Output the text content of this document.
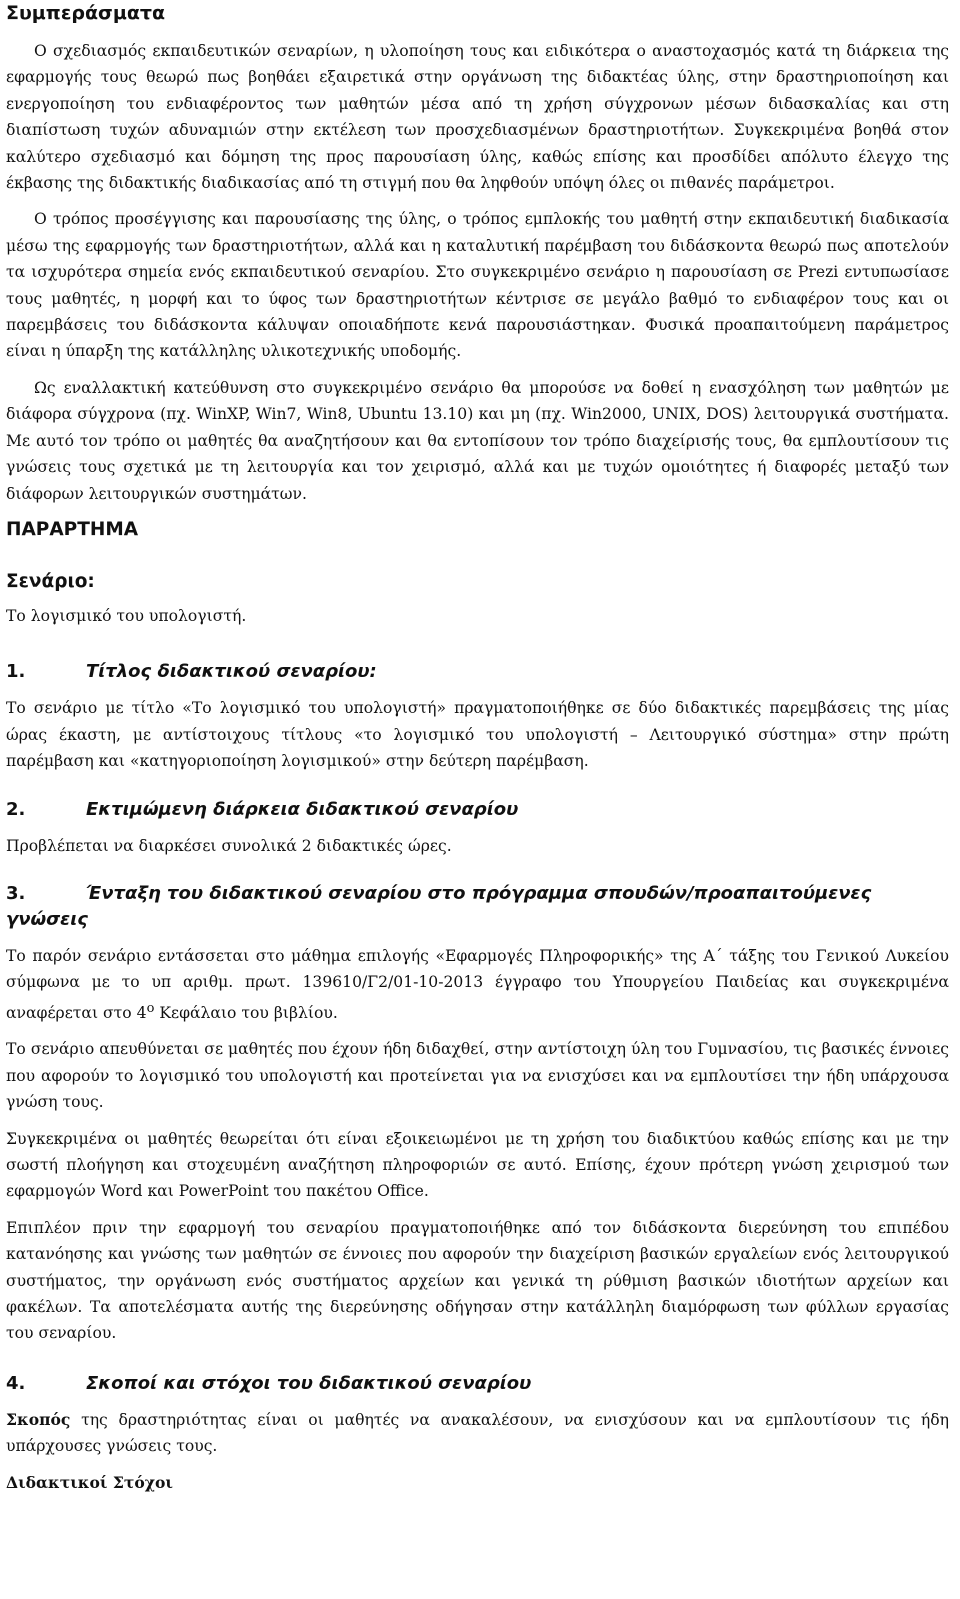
Συμπεράσματα

Ο σχεδιασμός εκπαιδευτικών σεναρίων, η υλοποίηση τους και ειδικότερα ο αναστοχασμός κατά τη διάρκεια της εφαρμογής τους θεωρώ πως βοηθάει εξαιρετικά στην οργάνωση της διδακτέας ύλης, στην δραστηριοποίηση και ενεργοποίηση του ενδιαφέροντος των μαθητών μέσα από τη χρήση σύγχρονων μέσων διδασκαλίας και στη διαπίστωση τυχών αδυναμιών στην εκτέλεση των προσχεδιασμένων δραστηριοτήτων. Συγκεκριμένα βοηθά στον καλύτερο σχεδιασμό και δόμηση της προς παρουσίαση ύλης, καθώς επίσης και προσδίδει απόλυτο έλεγχο της έκβασης της διδακτικής διαδικασίας από τη στιγμή που θα ληφθούν υπόψη όλες οι πιθανές παράμετροι.

Ο τρόπος προσέγγισης και παρουσίασης της ύλης, ο τρόπος εμπλοκής του μαθητή στην εκπαιδευτική διαδικασία μέσω της εφαρμογής των δραστηριοτήτων, αλλά και η καταλυτική παρέμβαση του διδάσκοντα θεωρώ πως αποτελούν τα ισχυρότερα σημεία ενός εκπαιδευτικού σεναρίου. Στο συγκεκριμένο σενάριο η παρουσίαση σε Prezi εντυπωσίασε τους μαθητές, η μορφή και το ύφος των δραστηριοτήτων κέντρισε σε μεγάλο βαθμό το ενδιαφέρον τους και οι παρεμβάσεις του διδάσκοντα κάλυψαν οποιαδήποτε κενά παρουσιάστηκαν. Φυσικά προαπαιτούμενη παράμετρος είναι η ύπαρξη της κατάλληλης υλικοτεχνικής υποδομής.

Ως εναλλακτική κατεύθυνση στο συγκεκριμένο σενάριο θα μπορούσε να δοθεί η ενασχόληση των μαθητών με διάφορα σύγχρονα (πχ. WinXP, Win7, Win8, Ubuntu 13.10) και μη (πχ. Win2000, UNIX, DOS) λειτουργικά συστήματα. Με αυτό τον τρόπο οι μαθητές θα αναζητήσουν και θα εντοπίσουν τον τρόπο διαχείρισής τους, θα εμπλουτίσουν τις γνώσεις τους σχετικά με τη λειτουργία και τον χειρισμό, αλλά και με τυχών ομοιότητες ή διαφορές μεταξύ των διάφορων λειτουργικών συστημάτων.

ΠΑΡΑΡΤΗΜΑ
Σενάριο:

Το λογισμικό του υπολογιστή.

1.	Τίτλος διδακτικού σεναρίου:

Το σενάριο με τίτλο «Το λογισμικό του υπολογιστή» πραγματοποιήθηκε σε δύο διδακτικές παρεμβάσεις της μίας ώρας έκαστη, με αντίστοιχους τίτλους «το λογισμικό του υπολογιστή – Λειτουργικό σύστημα» στην πρώτη παρέμβαση και «κατηγοριοποίηση λογισμικού» στην δεύτερη παρέμβαση.

2.	Εκτιμώμενη διάρκεια διδακτικού σεναρίου

Προβλέπεται να διαρκέσει συνολικά 2 διδακτικές ώρες.

3.	Ένταξη του διδακτικού σεναρίου στο πρόγραμμα σπουδών/προαπαιτούμενες γνώσεις

Το παρόν σενάριο εντάσσεται στο μάθημα επιλογής «Εφαρμογές Πληροφορικής» της Α΄ τάξης του Γενικού Λυκείου σύμφωνα με το υπ αριθμ. πρωτ. 139610/Γ2/01-10-2013 έγγραφο του Υπουργείου Παιδείας και συγκεκριμένα αναφέρεται στο $4^o$ Κεφάλαιο του βιβλίου.

Το σενάριο απευθύνεται σε μαθητές που έχουν ήδη διδαχθεί, στην αντίστοιχη ύλη του Γυμνασίου, τις βασικές έννοιες που αφορούν το λογισμικό του υπολογιστή και προτείνεται για να ενισχύσει και να εμπλουτίσει την ήδη υπάρχουσα γνώση τους.

Συγκεκριμένα οι μαθητές θεωρείται ότι είναι εξοικειωμένοι με τη χρήση του διαδικτύου καθώς επίσης και με την σωστή πλοήγηση και στοχευμένη αναζήτηση πληροφοριών σε αυτό. Επίσης, έχουν πρότερη γνώση χειρισμού των εφαρμογών Word και PowerPoint του πακέτου Office.

Επιπλέον πριν την εφαρμογή του σεναρίου πραγματοποιήθηκε από τον διδάσκοντα διερεύνηση του επιπέδου κατανόησης και γνώσης των μαθητών σε έννοιες που αφορούν την διαχείριση βασικών εργαλείων ενός λειτουργικού συστήματος, την οργάνωση ενός συστήματος αρχείων και γενικά τη ρύθμιση βασικών ιδιοτήτων αρχείων και φακέλων. Τα αποτελέσματα αυτής της διερεύνησης οδήγησαν στην κατάλληλη διαμόρφωση των φύλλων εργασίας του σεναρίου.

4.	Σκοποί και στόχοι του διδακτικού σεναρίου

Σκοπός της δραστηριότητας είναι οι μαθητές να ανακαλέσουν, να ενισχύσουν και να εμπλουτίσουν τις ήδη υπάρχουσες γνώσεις τους.

Διδακτικοί Στόχοι
